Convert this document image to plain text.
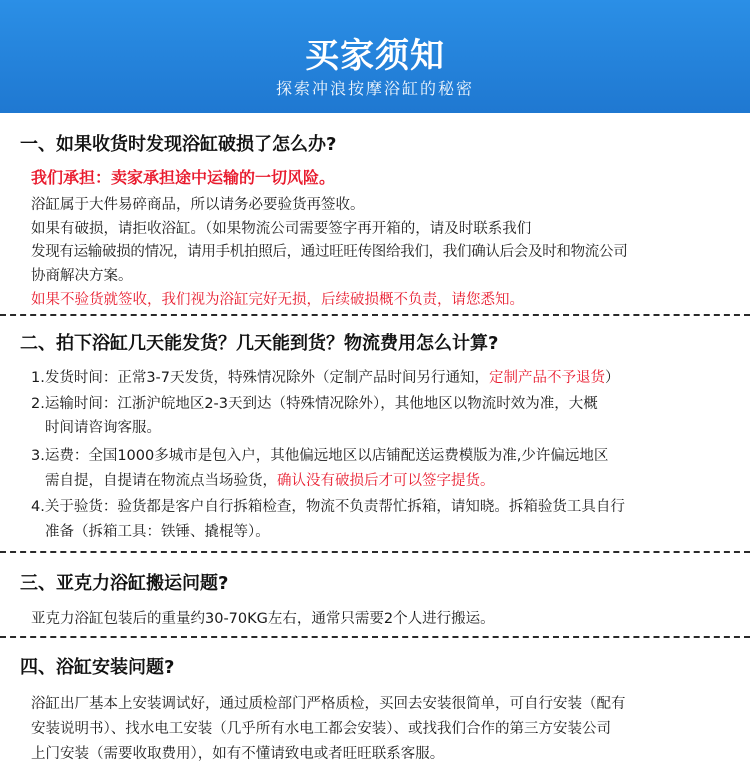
买家须知
探索冲浪按摩浴缸的秘密
一、如果收货时发现浴缸破损了怎么办?
我们承担：卖家承担途中运输的一切风险。
浴缸属于大件易碎商品，所以请务必要验货再签收。
如果有破损，请拒收浴缸。（如果物流公司需要签字再开箱的，请及时联系我们
发现有运输破损的情况，请用手机拍照后，通过旺旺传图给我们，我们确认后会及时和物流公司
协商解决方案。
如果不验货就签收，我们视为浴缸完好无损，后续破损概不负责，请您悉知。
二、拍下浴缸几天能发货？几天能到货？物流费用怎么计算?
1.发货时间：正常3-7天发货，特殊情况除外（定制产品时间另行通知，定制产品不予退货）
2.运输时间：江浙沪皖地区2-3天到达（特殊情况除外），其他地区以物流时效为准，大概
时间请咨询客服。
3.运费：全国1000多城市是包入户，其他偏远地区以店铺配送运费模版为准,少许偏远地区
需自提，自提请在物流点当场验货，确认没有破损后才可以签字提货。
4.关于验货：验货都是客户自行拆箱检查，物流不负责帮忙拆箱，请知晓。拆箱验货工具自行
准备（拆箱工具：铁锤、撬棍等）。
三、亚克力浴缸搬运问题?
亚克力浴缸包装后的重量约30-70KG左右，通常只需要2个人进行搬运。
四、浴缸安装问题?
浴缸出厂基本上安装调试好，通过质检部门严格质检，买回去安装很简单，可自行安装（配有
安装说明书）、找水电工安装（几乎所有水电工都会安装）、或找我们合作的第三方安装公司
上门安装（需要收取费用），如有不懂请致电或者旺旺联系客服。
